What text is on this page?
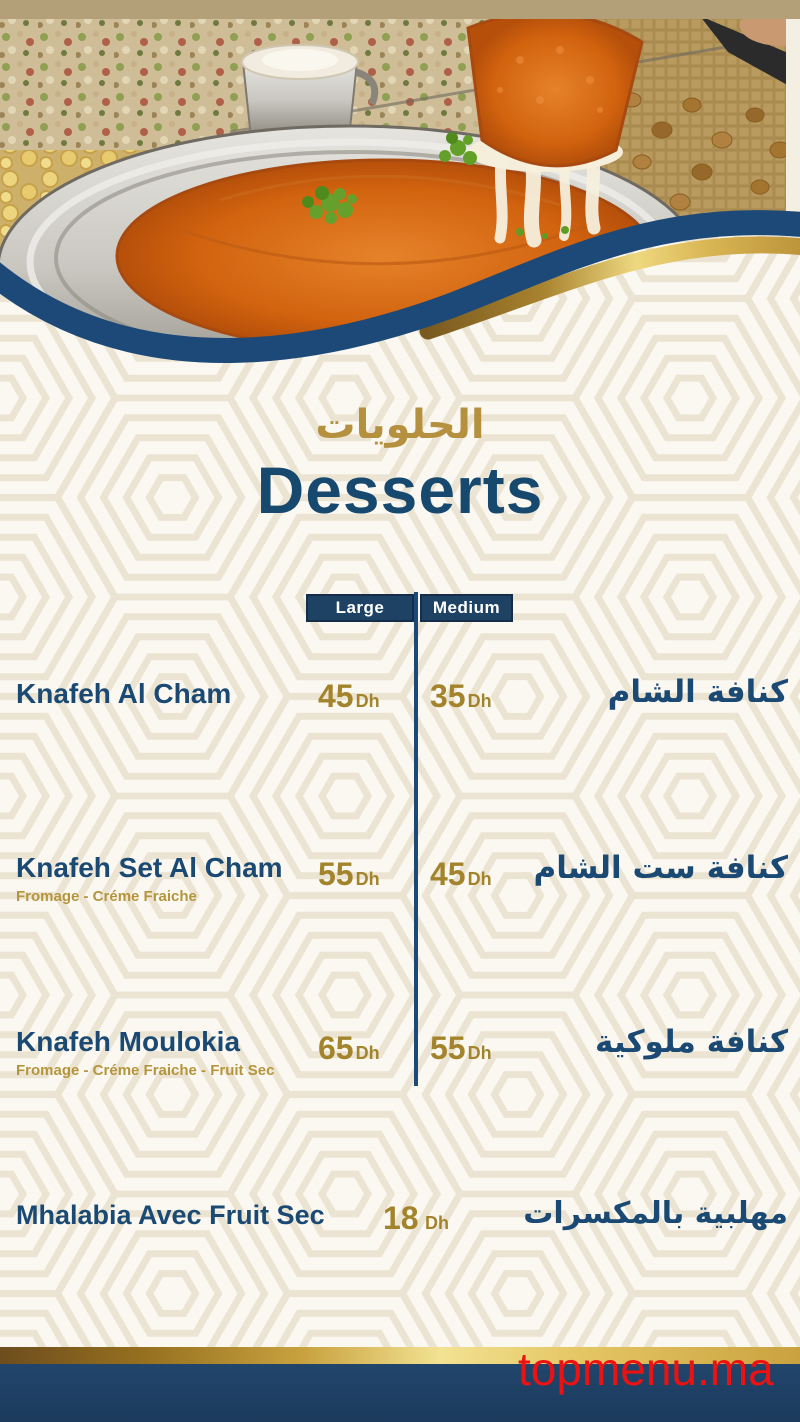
الحلويات
Desserts
Large	Medium
Knafeh Al Cham	45 Dh 35 Dh	كنافة الشام
Knafeh Set Al Cham
Fromage - Créme Fraiche
55 Dh 45 Dh كنافة ست الشام
Knafeh Moulokia
Fromage - Créme Fraiche - Fruit Sec
65 Dh 55 Dh	كنافة ملوكية
Mhalabia Avec Fruit Sec 18 Dh مهلبية بالمكسرات
topmenu.ma
